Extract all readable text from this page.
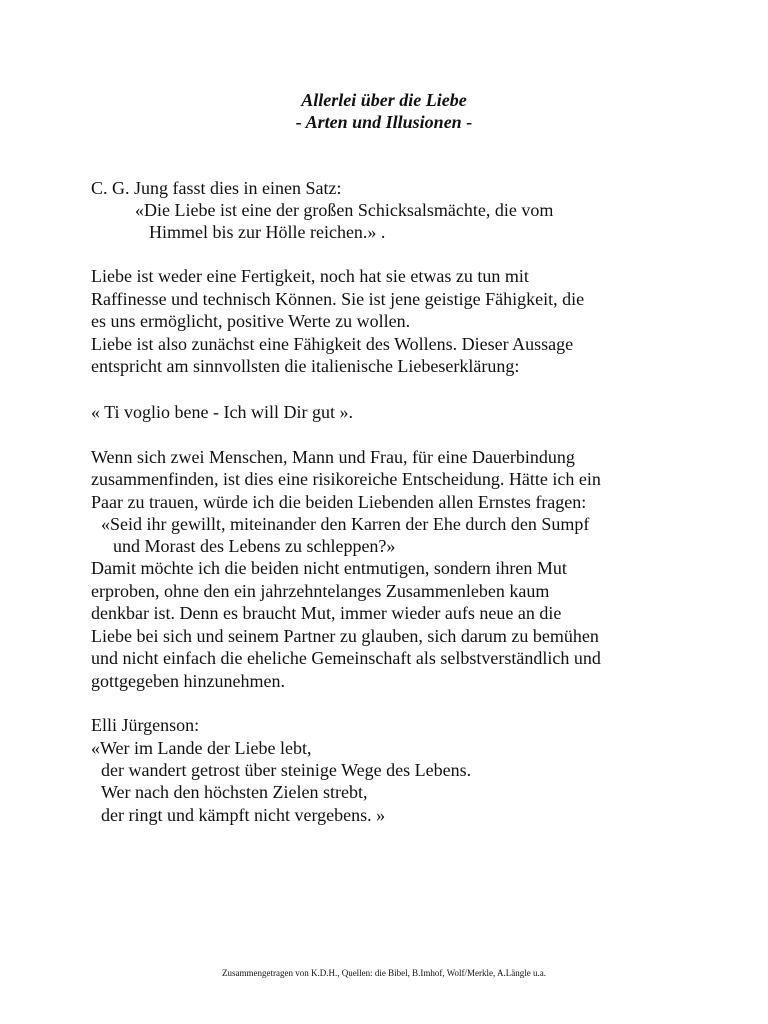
Allerlei über die Liebe
- Arten und Illusionen -
C. G. Jung fasst dies in einen Satz:
«Die Liebe ist eine der großen Schicksalsmächte, die vom
Himmel bis zur Hölle reichen.» .
Liebe ist weder eine Fertigkeit, noch hat sie etwas zu tun mit
Raffinesse und technisch Können. Sie ist jene geistige Fähigkeit, die
es uns ermöglicht, positive Werte zu wollen.
Liebe ist also zunächst eine Fähigkeit des Wollens. Dieser Aussage
entspricht am sinnvollsten die italienische Liebeserklärung:
« Ti voglio bene - Ich will Dir gut ».
Wenn sich zwei Menschen, Mann und Frau, für eine Dauerbindung
zusammenfinden, ist dies eine risikoreiche Entscheidung. Hätte ich ein
Paar zu trauen, würde ich die beiden Liebenden allen Ernstes fragen:
«Seid ihr gewillt, miteinander den Karren der Ehe durch den Sumpf
und Morast des Lebens zu schleppen?»
Damit möchte ich die beiden nicht entmutigen, sondern ihren Mut
erproben, ohne den ein jahrzehntelanges Zusammenleben kaum
denkbar ist. Denn es braucht Mut, immer wieder aufs neue an die
Liebe bei sich und seinem Partner zu glauben, sich darum zu bemühen
und nicht einfach die eheliche Gemeinschaft als selbstverständlich und
gottgegeben hinzunehmen.
Elli Jürgenson:
«Wer im Lande der Liebe lebt,
der wandert getrost über steinige Wege des Lebens.
Wer nach den höchsten Zielen strebt,
der ringt und kämpft nicht vergebens. »
Zusammengetragen von K.D.H., Quellen: die Bibel, B.Imhof, Wolf/Merkle, A.Längle u.a.
